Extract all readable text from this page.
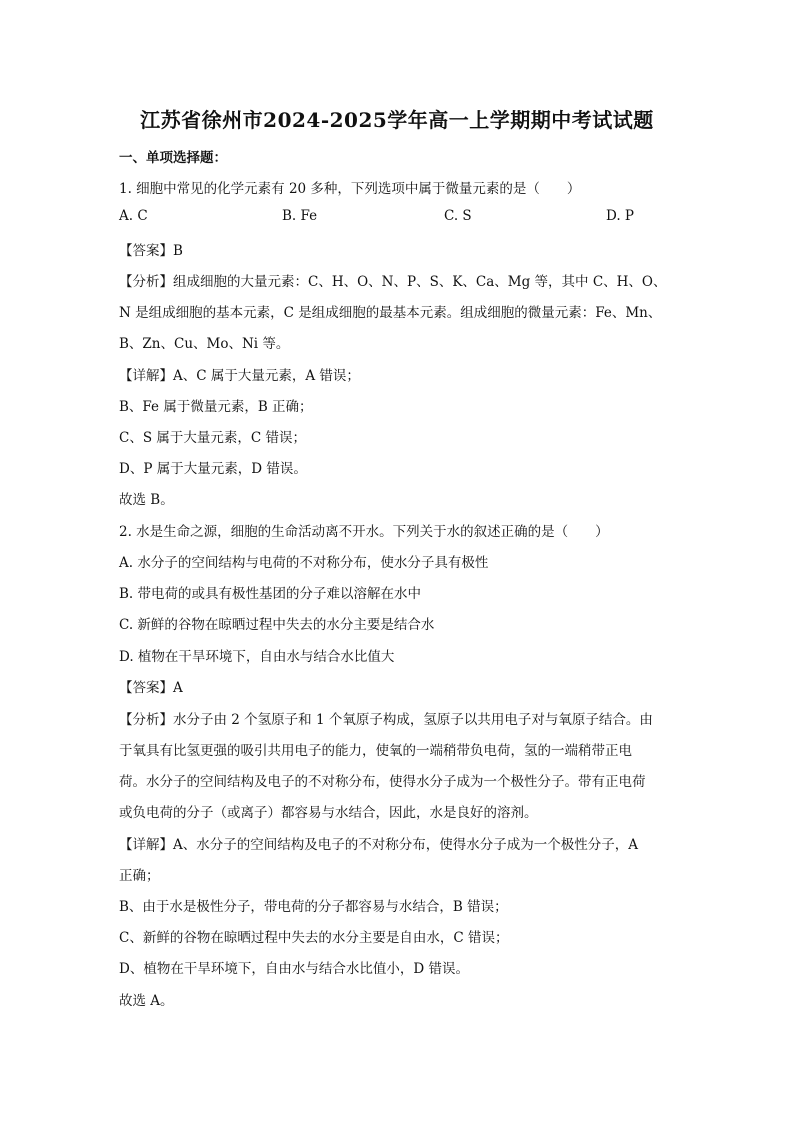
江苏省徐州市2024-2025学年高一上学期期中考试试题
一、单项选择题：
1. 细胞中常见的化学元素有 20 多种，下列选项中属于微量元素的是（　　）
A. C	B. Fe	C. S	D. P
【答案】B
【分析】组成细胞的大量元素：C、H、O、N、P、S、K、Ca、Mg 等，其中 C、H、O、
N 是组成细胞的基本元素，C 是组成细胞的最基本元素。组成细胞的微量元素：Fe、Mn、
B、Zn、Cu、Mo、Ni 等。
【详解】A、C 属于大量元素，A 错误；
B、Fe 属于微量元素，B 正确；
C、S 属于大量元素，C 错误；
D、P 属于大量元素，D 错误。
故选 B。
2. 水是生命之源，细胞的生命活动离不开水。下列关于水的叙述正确的是（　　）
A. 水分子的空间结构与电荷的不对称分布，使水分子具有极性
B. 带电荷的或具有极性基团的分子难以溶解在水中
C. 新鲜的谷物在晾晒过程中失去的水分主要是结合水
D. 植物在干旱环境下，自由水与结合水比值大
【答案】A
【分析】水分子由 2 个氢原子和 1 个氧原子构成，氢原子以共用电子对与氧原子结合。由
于氧具有比氢更强的吸引共用电子的能力，使氧的一端稍带负电荷，氢的一端稍带正电
荷。水分子的空间结构及电子的不对称分布，使得水分子成为一个极性分子。带有正电荷
或负电荷的分子（或离子）都容易与水结合，因此，水是良好的溶剂。
【详解】A、水分子的空间结构及电子的不对称分布，使得水分子成为一个极性分子，A
正确；
B、由于水是极性分子，带电荷的分子都容易与水结合，B 错误；
C、新鲜的谷物在晾晒过程中失去的水分主要是自由水，C 错误；
D、植物在干旱环境下，自由水与结合水比值小，D 错误。
故选 A。
